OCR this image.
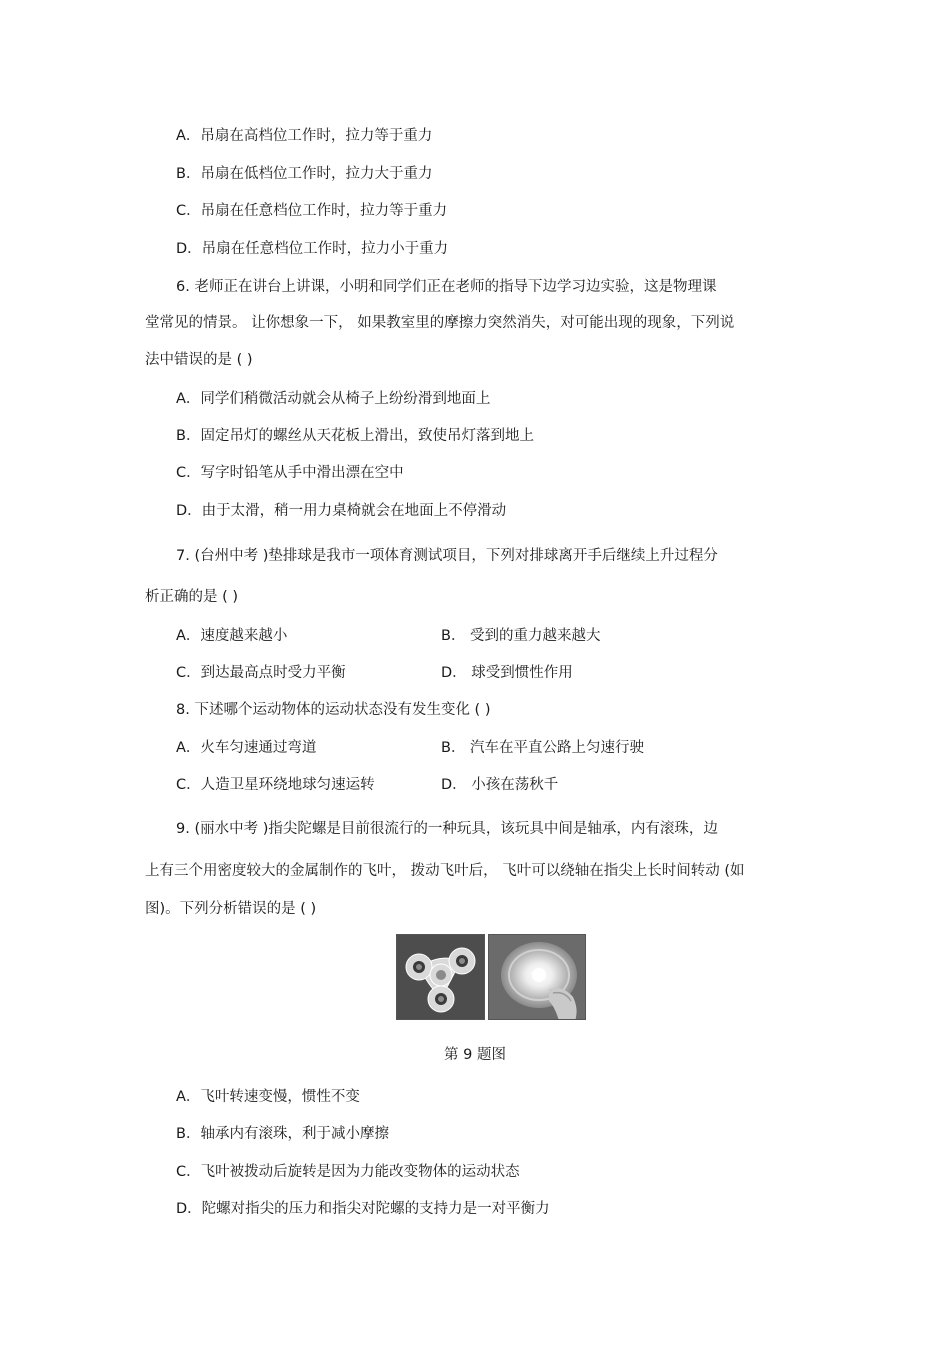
A．吊扇在高档位工作时，拉力等于重力
B．吊扇在低档位工作时，拉力大于重力
C．吊扇在任意档位工作时，拉力等于重力
D．吊扇在任意档位工作时，拉力小于重力
6. 老师正在讲台上讲课，小明和同学们正在老师的指导下边学习边实验，这是物理课
堂常见的情景。 让你想象一下， 如果教室里的摩擦力突然消失，对可能出现的现象，下列说
法中错误的是 ( )
A．同学们稍微活动就会从椅子上纷纷滑到地面上
B．固定吊灯的螺丝从天花板上滑出，致使吊灯落到地上
C．写字时铅笔从手中滑出漂在空中
D．由于太滑，稍一用力桌椅就会在地面上不停滑动
7. (台州中考 )垫排球是我市一项体育测试项目，下列对排球离开手后继续上升过程分
析正确的是 ( )
A．速度越来越小	B． 受到的重力越来越大
C．到达最高点时受力平衡	D． 球受到惯性作用
8. 下述哪个运动物体的运动状态没有发生变化 ( )
A．火车匀速通过弯道	B． 汽车在平直公路上匀速行驶
C．人造卫星环绕地球匀速运转	D． 小孩在荡秋千
9. (丽水中考 )指尖陀螺是目前很流行的一种玩具，该玩具中间是轴承，内有滚珠，边
上有三个用密度较大的金属制作的飞叶， 拨动飞叶后， 飞叶可以绕轴在指尖上长时间转动 (如
图)。下列分析错误的是 ( )
第 9 题图
A．飞叶转速变慢，惯性不变
B．轴承内有滚珠，利于减小摩擦
C．飞叶被拨动后旋转是因为力能改变物体的运动状态
D．陀螺对指尖的压力和指尖对陀螺的支持力是一对平衡力
